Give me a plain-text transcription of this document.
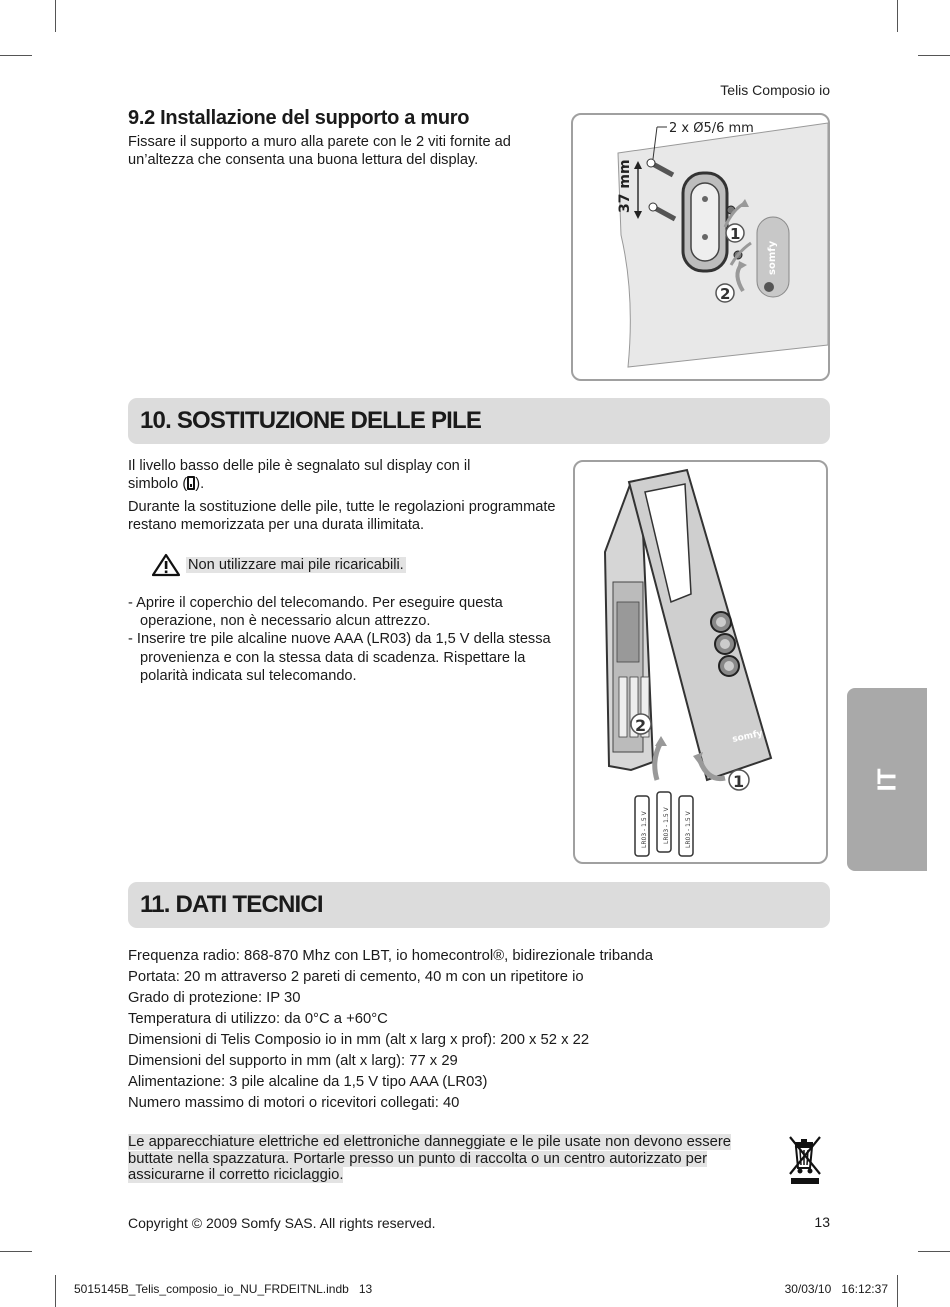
Telis Composio io
9.2 Installazione del supporto a muro
Fissare il supporto a muro alla parete con le 2 viti fornite ad un’altezza che consenta una buona lettura del display.
2 x Ø5/6 mm
37 mm
1
somfy
2
10. SOSTITUZIONE DELLE PILE
Il livello basso delle pile è segnalato sul display con il
simbolo ( ).
Durante la sostituzione delle pile, tutte le regolazioni programmate restano memorizzata per una durata illimitata.
Non utilizzare mai pile ricaricabili.
- Aprire il coperchio del telecomando. Per eseguire questa operazione, non è necessario alcun attrezzo.
- Inserire tre pile alcaline nuove AAA (LR03) da 1,5 V della stessa provenienza e con la stessa data di scadenza. Rispettare la polarità indicata sul telecomando.
somfy
1
2
LR03 - 1.5 V	LR03 - 1.5 V	LR03 - 1.5 V
11. DATI TECNICI
Frequenza radio: 868-870 Mhz con LBT, io homecontrol®, bidirezionale tribanda
Portata: 20 m attraverso 2 pareti di cemento, 40 m con un ripetitore io
Grado di protezione: IP 30
Temperatura di utilizzo: da 0°C a +60°C
Dimensioni di Telis Composio io in mm (alt x larg x prof): 200 x 52 x 22
Dimensioni del supporto in mm (alt x larg): 77 x 29
Alimentazione: 3 pile alcaline da 1,5 V tipo AAA (LR03)
Numero massimo di motori o ricevitori collegati: 40
Le apparecchiature elettriche ed elettroniche danneggiate e le pile usate non devono essere buttate nella spazzatura. Portarle presso un punto di raccolta o un centro autorizzato per assicurarne il corretto riciclaggio.
Copyright © 2009 Somfy SAS. All rights reserved.	13
IT
5015145B_Telis_composio_io_NU_FRDEITNL.indb   13	30/03/10   16:12:37
